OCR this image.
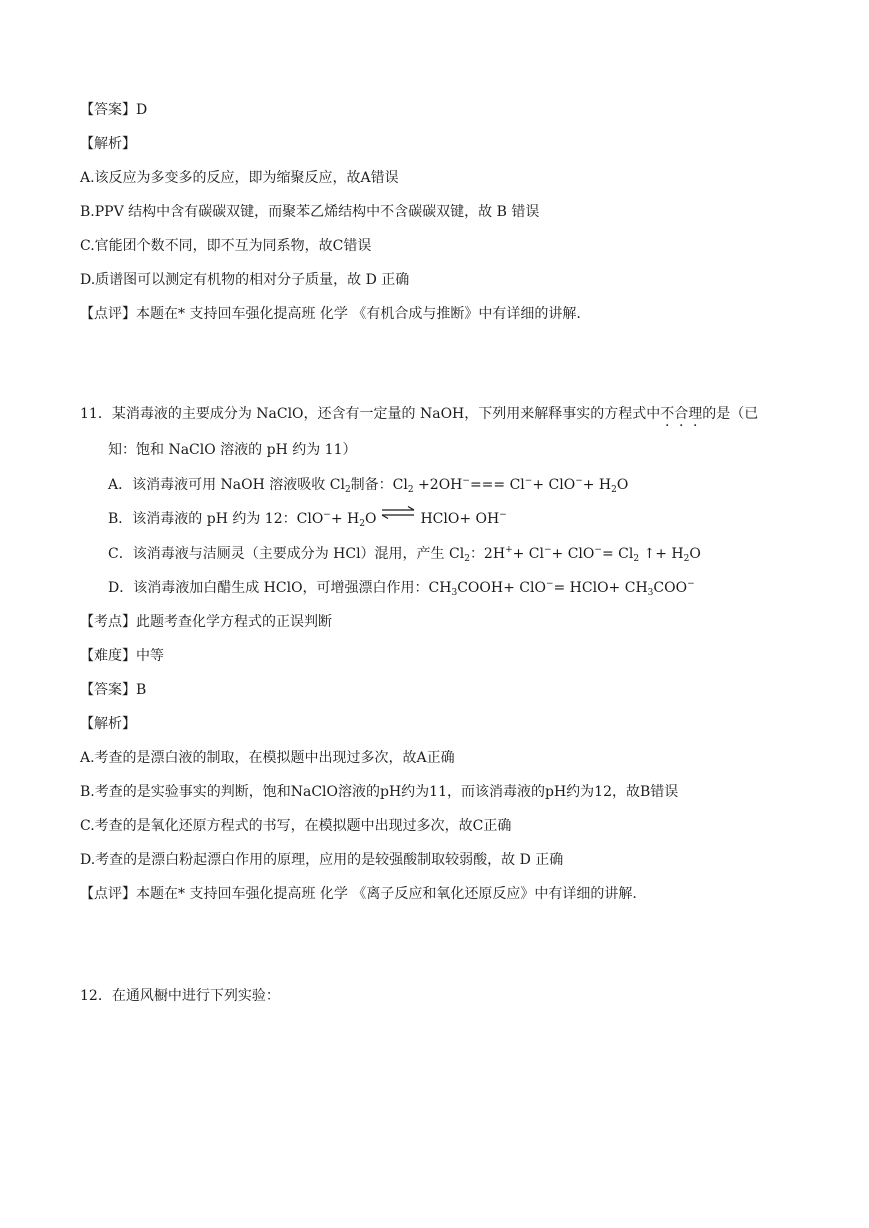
【答案】D
【解析】
A.该反应为多变多的反应，即为缩聚反应，故A错误
B.PPV 结构中含有碳碳双键，而聚苯乙烯结构中不含碳碳双键，故 B 错误
C.官能团个数不同，即不互为同系物，故C错误
D.质谱图可以测定有机物的相对分子质量，故 D 正确
【点评】本题在* 支持回车强化提高班 化学 《有机合成与推断》中有详细的讲解.
11．某消毒液的主要成分为 NaClO，还含有一定量的 NaOH，下列用来解释事实的方程式中不合理的是（已
知：饱和 NaClO 溶液的 pH 约为 11）
A．该消毒液可用 NaOH 溶液吸收 $Cl_2$制备：$Cl_2 +2OH^-=== Cl^-+ ClO^-+ H_2O$
B．该消毒液的 pH 约为 12：$ClO^-+ H_2O$ ⇌ HClO+ OH−
C．该消毒液与洁厕灵（主要成分为 HCl）混用，产生 $Cl_2$：$2H^++ Cl^-+ ClO^-= Cl_2$ ↑+ $H_2O$
D．该消毒液加白醋生成 HClO，可增强漂白作用：$CH_3COOH+ ClO^-=$ HClO+ $CH_3COO^-$
【考点】此题考查化学方程式的正误判断
【难度】中等
【答案】B
【解析】
A.考查的是漂白液的制取，在模拟题中出现过多次，故A正确
B.考查的是实验事实的判断，饱和NaClO溶液的pH约为11，而该消毒液的pH约为12，故B错误
C.考查的是氧化还原方程式的书写，在模拟题中出现过多次，故C正确
D.考查的是漂白粉起漂白作用的原理，应用的是较强酸制取较弱酸，故 D 正确
【点评】本题在* 支持回车强化提高班 化学 《离子反应和氧化还原反应》中有详细的讲解.
12．在通风橱中进行下列实验：
